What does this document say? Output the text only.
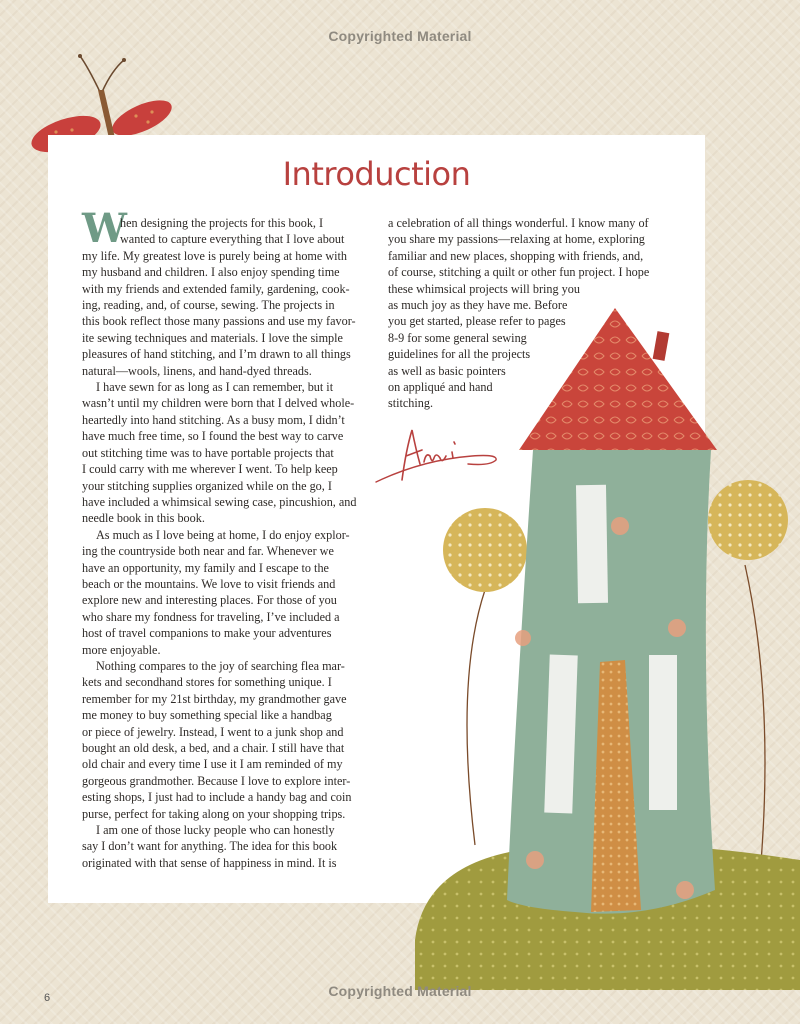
Copyrighted Material
Introduction
W
hen designing the projects for this book, I
wanted to capture everything that I love about
my life. My greatest love is purely being at home with
my husband and children. I also enjoy spending time
with my friends and extended family, gardening, cook-
ing, reading, and, of course, sewing. The projects in
this book reflect those many passions and use my favor-
ite sewing techniques and materials. I love the simple
pleasures of hand stitching, and I’m drawn to all things
natural—wools, linens, and hand-dyed threads.
I have sewn for as long as I can remember, but it
wasn’t until my children were born that I delved whole-
heartedly into hand stitching. As a busy mom, I didn’t
have much free time, so I found the best way to carve
out stitching time was to have portable projects that
I could carry with me wherever I went. To help keep
your stitching supplies organized while on the go, I
have included a whimsical sewing case, pincushion, and
needle book in this book.
As much as I love being at home, I do enjoy explor-
ing the countryside both near and far. Whenever we
have an opportunity, my family and I escape to the
beach or the mountains. We love to visit friends and
explore new and interesting places. For those of you
who share my fondness for traveling, I’ve included a
host of travel companions to make your adventures
more enjoyable.
Nothing compares to the joy of searching flea mar-
kets and secondhand stores for something unique. I
remember for my 21st birthday, my grandmother gave
me money to buy something special like a handbag
or piece of jewelry. Instead, I went to a junk shop and
bought an old desk, a bed, and a chair. I still have that
old chair and every time I use it I am reminded of my
gorgeous grandmother. Because I love to explore inter-
esting shops, I just had to include a handy bag and coin
purse, perfect for taking along on your shopping trips.
I am one of those lucky people who can honestly
say I don’t want for anything. The idea for this book
originated with that sense of happiness in mind. It is
a celebration of all things wonderful. I know many of
you share my passions—relaxing at home, exploring
familiar and new places, shopping with friends, and,
of course, stitching a quilt or other fun project. I hope
these whimsical projects will bring you
as much joy as they have me. Before
you get started, please refer to pages
8-9 for some general sewing
guidelines for all the projects
as well as basic pointers
on appliqué and hand
stitching.
Copyrighted Material
6
